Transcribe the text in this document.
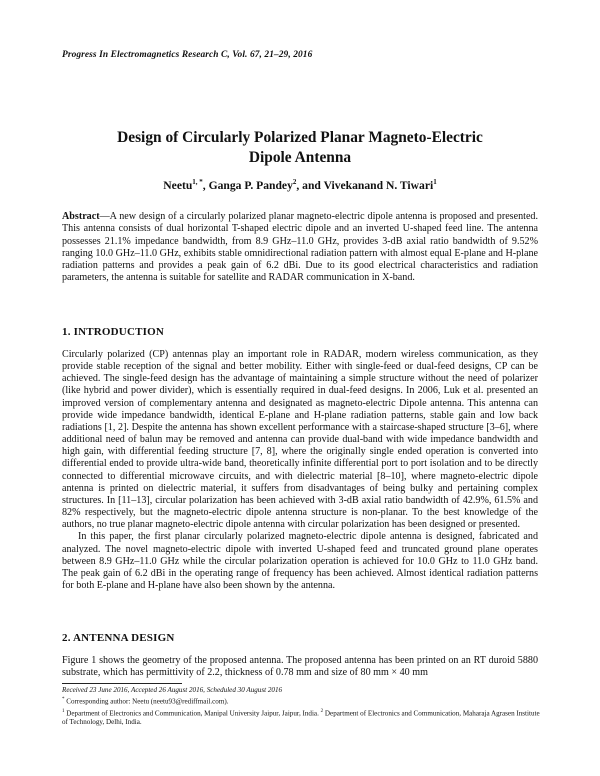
Progress In Electromagnetics Research C, Vol. 67, 21–29, 2016
Design of Circularly Polarized Planar Magneto-Electric
Dipole Antenna
Neetu$^{1, *}$, Ganga P. Pandey$^2$, and Vivekanand N. Tiwari$^1$
Abstract—A new design of a circularly polarized planar magneto-electric dipole antenna is proposed and presented. This antenna consists of dual horizontal T-shaped electric dipole and an inverted U-shaped feed line. The antenna possesses 21.1% impedance bandwidth, from 8.9 GHz–11.0 GHz, provides 3-dB axial ratio bandwidth of 9.52% ranging 10.0 GHz–11.0 GHz, exhibits stable omnidirectional radiation pattern with almost equal E-plane and H-plane radiation patterns and provides a peak gain of 6.2 dBi. Due to its good electrical characteristics and radiation parameters, the antenna is suitable for satellite and RADAR communication in X-band.
1. INTRODUCTION

Circularly polarized (CP) antennas play an important role in RADAR, modern wireless communication, as they provide stable reception of the signal and better mobility. Either with single-feed or dual-feed designs, CP can be achieved. The single-feed design has the advantage of maintaining a simple structure without the need of polarizer (like hybrid and power divider), which is essentially required in dual-feed designs. In 2006, Luk et al. presented an improved version of complementary antenna and designated as magneto-electric Dipole antenna. This antenna can provide wide impedance bandwidth, identical E-plane and H-plane radiation patterns, stable gain and low back radiations [1, 2]. Despite the antenna has shown excellent performance with a staircase-shaped structure [3–6], where additional need of balun may be removed and antenna can provide dual-band with wide impedance bandwidth and high gain, with differential feeding structure [7, 8], where the originally single ended operation is converted into differential ended to provide ultra-wide band, theoretically infinite differential port to port isolation and to be directly connected to differential microwave circuits, and with dielectric material [8–10], where magneto-electric dipole antenna is printed on dielectric material, it suffers from disadvantages of being bulky and pertaining complex structures. In [11–13], circular polarization has been achieved with 3-dB axial ratio bandwidth of 42.9%, 61.5% and 82% respectively, but the magneto-electric dipole antenna structure is non-planar. To the best knowledge of the authors, no true planar magneto-electric dipole antenna with circular polarization has been designed or presented.

In this paper, the first planar circularly polarized magneto-electric dipole antenna is designed, fabricated and analyzed. The novel magneto-electric dipole with inverted U-shaped feed and truncated ground plane operates between 8.9 GHz–11.0 GHz while the circular polarization operation is achieved for 10.0 GHz to 11.0 GHz band. The peak gain of 6.2 dBi in the operating range of frequency has been achieved. Almost identical radiation patterns for both E-plane and H-plane have also been shown by the antenna.

2. ANTENNA DESIGN

Figure 1 shows the geometry of the proposed antenna. The proposed antenna has been printed on an RT duroid 5880 substrate, which has permittivity of 2.2, thickness of 0.78 mm and size of 80 mm × 40 mm

Received 23 June 2016, Accepted 26 August 2016, Scheduled 30 August 2016
* Corresponding author: Neetu (neetu93@rediffmail.com).
$^1$ Department of Electronics and Communication, Manipal University Jaipur, Jaipur, India. $^2$ Department of Electronics and Communication, Maharaja Agrasen Institute of Technology, Delhi, India.
